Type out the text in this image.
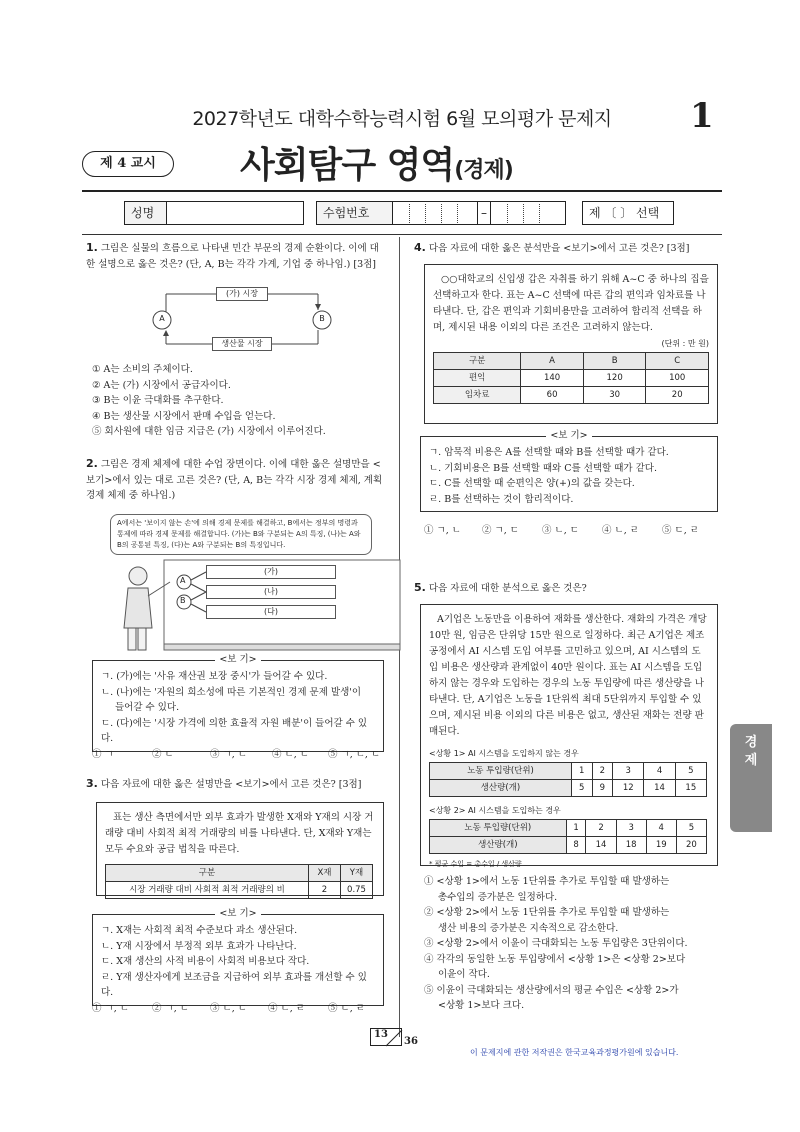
2027학년도 대학수학능력시험 6월 모의평가 문제지 1
제 4 교시	사회탐구 영역(경제)
성명	수험번호	–	제 〔 〕 선택
1. 그림은 실물의 흐름으로 나타낸 민간 부문의 경제 순환이다. 이에 대한 설명으로 옳은 것은? (단, A, B는 각각 가계, 기업 중 하나임.) [3점]
A	B
(가) 시장
생산물 시장
① A는 소비의 주체이다.
② A는 (가) 시장에서 공급자이다.
③ B는 이윤 극대화를 추구한다.
④ B는 생산물 시장에서 판매 수입을 얻는다.
⑤ 회사원에 대한 임금 지급은 (가) 시장에서 이루어진다.
2. 그림은 경제 체제에 대한 수업 장면이다. 이에 대한 옳은 설명만을 <보기>에서 있는 대로 고른 것은? (단, A, B는 각각 시장 경제 체제, 계획 경제 체제 중 하나임.)
A에서는 '보이지 않는 손'에 의해 경제 문제를 해결하고, B에서는 정부의 명령과 통제에 따라 경제 문제를 해결합니다. (가)는 B와 구분되는 A의 특징, (나)는 A와 B의 공통된 특징, (다)는 A와 구분되는 B의 특징입니다.
A
B
(가)
(나)
(다)
<보 기>
ㄱ. (가)에는 '사유 재산권 보장 중시'가 들어갈 수 있다.
ㄴ. (나)에는 '자원의 희소성에 따른 기본적인 경제 문제 발생'이
들어갈 수 있다.
ㄷ. (다)에는 '시장 가격에 의한 효율적 자원 배분'이 들어갈 수 있다.
① ㄱ	② ㄷ	③ ㄱ, ㄴ	④ ㄴ, ㄷ ⑤ ㄱ, ㄴ, ㄷ
3. 다음 자료에 대한 옳은 설명만을 <보기>에서 고른 것은? [3점]
표는 생산 측면에서만 외부 효과가 발생한 X재와 Y재의 시장 거래량 대비 사회적 최적 거래량의 비를 나타낸다. 단, X재와 Y재는 모두 수요와 공급 법칙을 따른다.
구분	X재	Y재
시장 거래량 대비 사회적 최적 거래량의 비	2	0.75
<보 기>
ㄱ. X재는 사회적 최적 수준보다 과소 생산된다.
ㄴ. Y재 시장에서 부정적 외부 효과가 나타난다.
ㄷ. X재 생산의 사적 비용이 사회적 비용보다 작다.
ㄹ. Y재 생산자에게 보조금을 지급하여 외부 효과를 개선할 수 있다.
① ㄱ, ㄴ ② ㄱ, ㄷ ③ ㄴ, ㄷ ④ ㄴ, ㄹ ⑤ ㄷ, ㄹ
4. 다음 자료에 대한 옳은 분석만을 <보기>에서 고른 것은? [3점]
○○대학교의 신입생 갑은 자취를 하기 위해 A~C 중 하나의 집을 선택하고자 한다. 표는 A~C 선택에 따른 갑의 편익과 임차료를 나타낸다. 단, 갑은 편익과 기회비용만을 고려하여 합리적 선택을 하며, 제시된 내용 이외의 다른 조건은 고려하지 않는다.
(단위 : 만 원)
구분	A	B	C
편익	140	120	100
임차료	60	30	20
<보 기>
ㄱ. 암묵적 비용은 A를 선택할 때와 B를 선택할 때가 같다.
ㄴ. 기회비용은 B를 선택할 때와 C를 선택할 때가 같다.
ㄷ. C를 선택할 때 순편익은 양(+)의 값을 갖는다.
ㄹ. B를 선택하는 것이 합리적이다.
① ㄱ, ㄴ ② ㄱ, ㄷ ③ ㄴ, ㄷ ④ ㄴ, ㄹ ⑤ ㄷ, ㄹ
5. 다음 자료에 대한 분석으로 옳은 것은?
A기업은 노동만을 이용하여 재화를 생산한다. 재화의 가격은 개당 10만 원, 임금은 단위당 15만 원으로 일정하다. 최근 A기업은 제조 공정에서 AI 시스템 도입 여부를 고민하고 있으며, AI 시스템의 도입 비용은 생산량과 관계없이 40만 원이다. 표는 AI 시스템을 도입하지 않는 경우와 도입하는 경우의 노동 투입량에 따른 생산량을 나타낸다. 단, A기업은 노동을 1단위씩 최대 5단위까지 투입할 수 있으며, 제시된 비용 이외의 다른 비용은 없고, 생산된 재화는 전량 판매된다.
<상황 1> AI 시스템을 도입하지 않는 경우
노동 투입량(단위)	1	2	3	4	5
생산량(개)	5	9	12	14	15
<상황 2> AI 시스템을 도입하는 경우
노동 투입량(단위)	1	2	3	4	5
생산량(개)	8	14	18	19	20
* 평균 수입 = 총수입 / 생산량
① <상황 1>에서 노동 1단위를 추가로 투입할 때 발생하는
총수입의 증가분은 일정하다.
② <상황 2>에서 노동 1단위를 추가로 투입할 때 발생하는
생산 비용의 증가분은 지속적으로 감소한다.
③ <상황 2>에서 이윤이 극대화되는 노동 투입량은 3단위이다.
④ 각각의 동일한 노동 투입량에서 <상황 1>은 <상황 2>보다
이윤이 작다.
⑤ 이윤이 극대화되는 생산량에서의 평균 수입은 <상황 2>가
<상황 1>보다 크다.
경
제
13
36
이 문제지에 관한 저작권은 한국교육과정평가원에 있습니다.
